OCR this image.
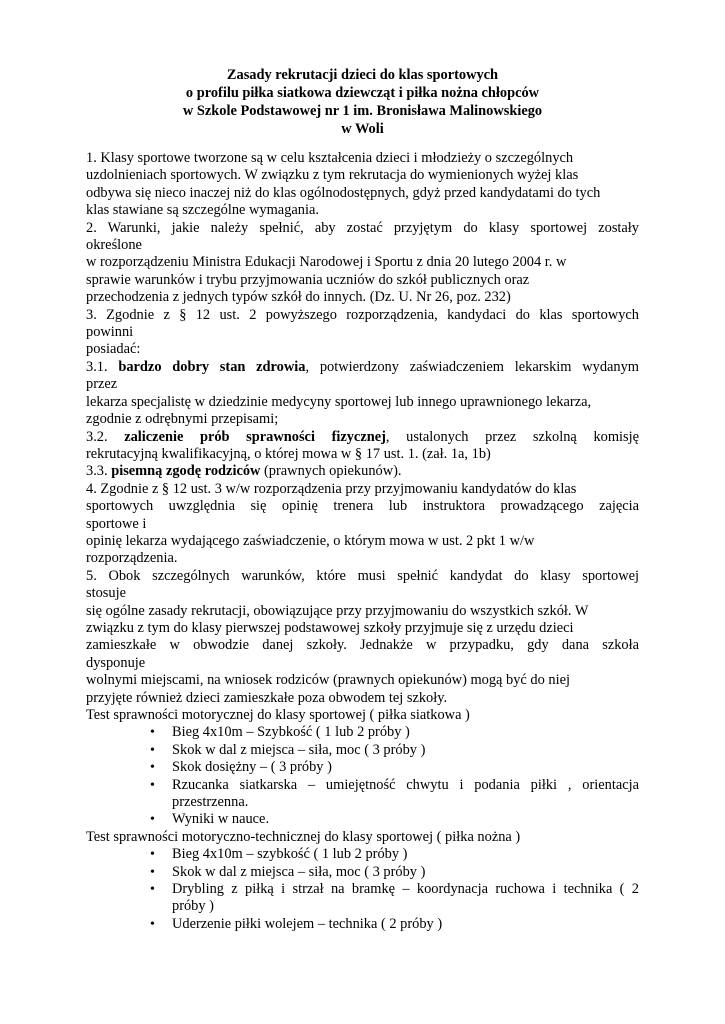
Zasady rekrutacji dzieci do klas sportowych
o profilu piłka siatkowa dziewcząt i piłka nożna chłopców
w Szkole Podstawowej nr 1 im. Bronisława Malinowskiego
w Woli

1. Klasy sportowe tworzone są w celu kształcenia dzieci i młodzieży o szczególnych
uzdolnieniach sportowych. W związku z tym rekrutacja do wymienionych wyżej klas
odbywa się nieco inaczej niż do klas ogólnodostępnych, gdyż przed kandydatami do tych
klas stawiane są szczególne wymagania.

2. Warunki, jakie należy spełnić, aby zostać przyjętym do klasy sportowej zostały
określone
w rozporządzeniu Ministra Edukacji Narodowej i Sportu z dnia 20 lutego 2004 r. w
sprawie warunków i trybu przyjmowania uczniów do szkół publicznych oraz
przechodzenia z jednych typów szkół do innych. (Dz. U. Nr 26, poz. 232)

3. Zgodnie z § 12 ust. 2 powyższego rozporządzenia, kandydaci do klas sportowych
powinni
posiadać:

3.1. bardzo dobry stan zdrowia, potwierdzony zaświadczeniem lekarskim wydanym
przez
lekarza specjalistę w dziedzinie medycyny sportowej lub innego uprawnionego lekarza,
zgodnie z odrębnymi przepisami;

3.2. zaliczenie prób sprawności fizycznej, ustalonych przez szkolną komisję
rekrutacyjną kwalifikacyjną, o której mowa w § 17 ust. 1. (zał. 1a, 1b)

3.3. pisemną zgodę rodziców (prawnych opiekunów).

4. Zgodnie z § 12 ust. 3 w/w rozporządzenia przy przyjmowaniu kandydatów do klas
sportowych uwzględnia się opinię trenera lub instruktora prowadzącego zajęcia
sportowe i
opinię lekarza wydającego zaświadczenie, o którym mowa w ust. 2 pkt 1 w/w
rozporządzenia.

5. Obok szczególnych warunków, które musi spełnić kandydat do klasy sportowej
stosuje
się ogólne zasady rekrutacji, obowiązujące przy przyjmowaniu do wszystkich szkół. W
związku z tym do klasy pierwszej podstawowej szkoły przyjmuje się z urzędu dzieci
zamieszkałe w obwodzie danej szkoły. Jednakże w przypadku, gdy dana szkoła
dysponuje
wolnymi miejscami, na wniosek rodziców (prawnych opiekunów) mogą być do niej
przyjęte również dzieci zamieszkałe poza obwodem tej szkoły.

Test sprawności motorycznej do klasy sportowej ( piłka siatkowa )

• Bieg 4x10m – Szybkość ( 1 lub 2 próby )
• Skok w dal z miejsca – siła, moc ( 3 próby )
• Skok dosiężny – ( 3 próby )
• Rzucanka siatkarska – umiejętność chwytu i podania piłki , orientacja
przestrzenna.
• Wyniki w nauce.

Test sprawności motoryczno-technicznej do klasy sportowej ( piłka nożna )

• Bieg 4x10m – szybkość ( 1 lub 2 próby )
• Skok w dal z miejsca – siła, moc ( 3 próby )
• Drybling z piłką i strzał na bramkę – koordynacja ruchowa i technika ( 2
próby )
• Uderzenie piłki wolejem – technika ( 2 próby )
